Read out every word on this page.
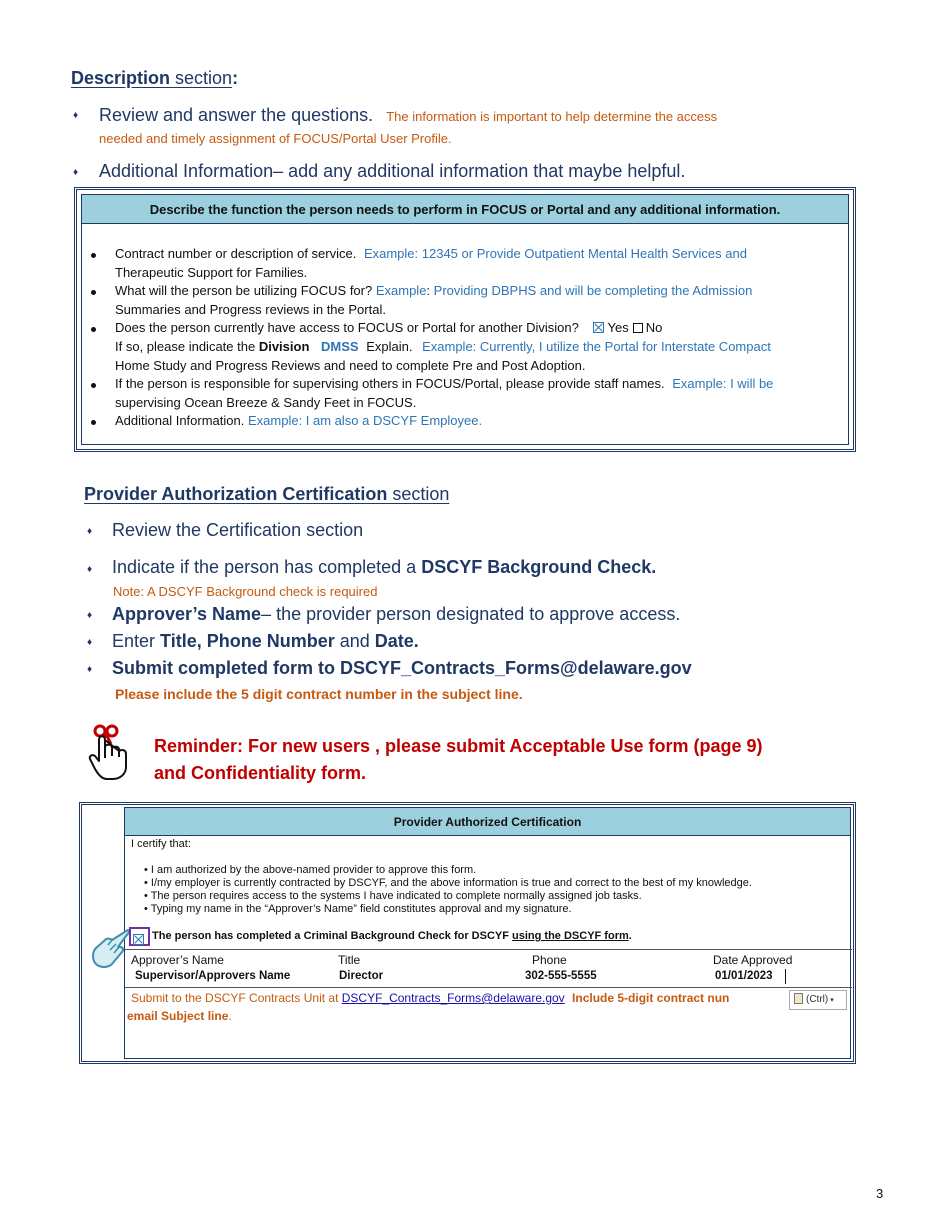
Description section:
♦ Review and answer the questions. The information is important to help determine the access
needed and timely assignment of FOCUS/Portal User Profile.
♦ Additional Information– add any additional information that maybe helpful.
Describe the function the person needs to perform in FOCUS or Portal and any additional information.
Contract number or description of service. Example: 12345 or Provide Outpatient Mental Health Services and
Therapeutic Support for Families.
What will the person be utilizing FOCUS for? Example: Providing DBPHS and will be completing the Admission
Summaries and Progress reviews in the Portal.
Does the person currently have access to FOCUS or Portal for another Division? Yes No
If so, please indicate the Division DMSS Explain. Example: Currently, I utilize the Portal for Interstate Compact
Home Study and Progress Reviews and need to complete Pre and Post Adoption.
If the person is responsible for supervising others in FOCUS/Portal, please provide staff names. Example: I will be
supervising Ocean Breeze & Sandy Feet in FOCUS.
Additional Information. Example: I am also a DSCYF Employee.
Provider Authorization Certification section
♦ Review the Certification section
♦ Indicate if the person has completed a DSCYF Background Check.
Note: A DSCYF Background check is required
♦ Approver’s Name– the provider person designated to approve access.
♦ Enter Title, Phone Number and Date.
♦ Submit completed form to DSCYF_Contracts_Forms@delaware.gov
Please include the 5 digit contract number in the subject line.
Reminder: For new users , please submit Acceptable Use form (page 9)
and Confidentiality form.
Provider Authorized Certification
I certify that:
• I am authorized by the above-named provider to approve this form.
• I/my employer is currently contracted by DSCYF, and the above information is true and correct to the best of my knowledge.
• The person requires access to the systems I have indicated to complete normally assigned job tasks.
• Typing my name in the “Approver’s Name” field constitutes approval and my signature.
The person has completed a Criminal Background Check for DSCYF using the DSCYF form.
Approver’s Name	Title	Phone	Date Approved
Supervisor/Approvers Name	Director	302-555-5555	01/01/2023
Submit to the DSCYF Contracts Unit at DSCYF_Contracts_Forms@delaware.gov Include 5-digit contract nun
email Subject line.
(Ctrl) ▾
3
